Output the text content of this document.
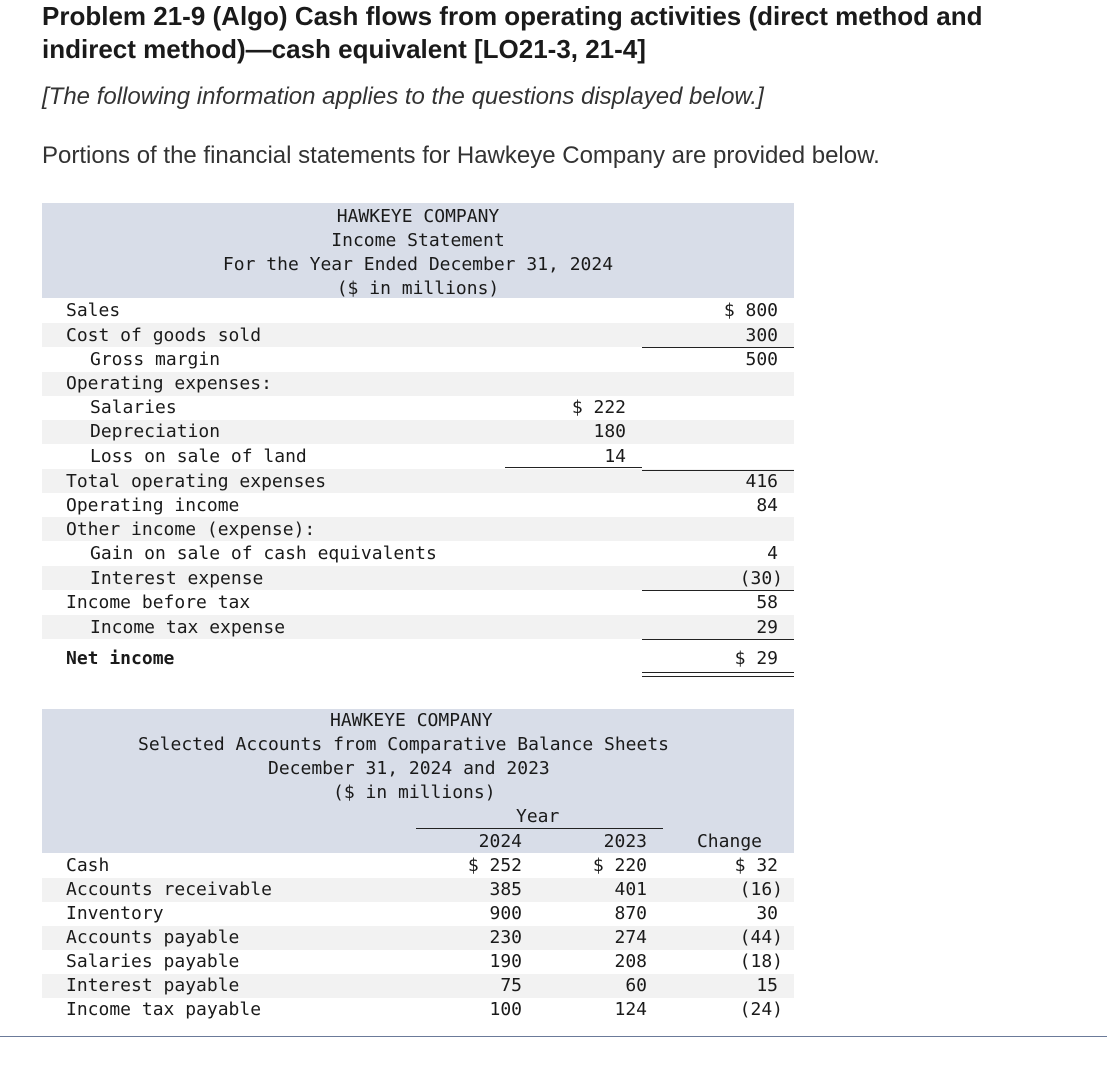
Problem 21-9 (Algo) Cash flows from operating activities (direct method and indirect method)—cash equivalent [LO21-3, 21-4]
[The following information applies to the questions displayed below.]
Portions of the financial statements for Hawkeye Company are provided below.
HAWKEYE COMPANY
Income Statement
For the Year Ended December 31, 2024
($ in millions)
Sales	$ 800
Cost of goods sold	300
Gross margin	500
Operating expenses:
Salaries	$ 222
Depreciation	180
Loss on sale of land	14
Total operating expenses	416
Operating income	84
Other income (expense):
Gain on sale of cash equivalents	4
Interest expense	(30)
Income before tax	58
Income tax expense	29
Net income	$ 29
HAWKEYE COMPANY
Selected Accounts from Comparative Balance Sheets
December 31, 2024 and 2023
($ in millions)
Year
2024	2023	Change
Cash	$ 252	$ 220	$ 32
Accounts receivable	385	401	(16)
Inventory	900	870	30
Accounts payable	230	274	(44)
Salaries payable	190	208	(18)
Interest payable	75	60	15
Income tax payable	100	124	(24)
